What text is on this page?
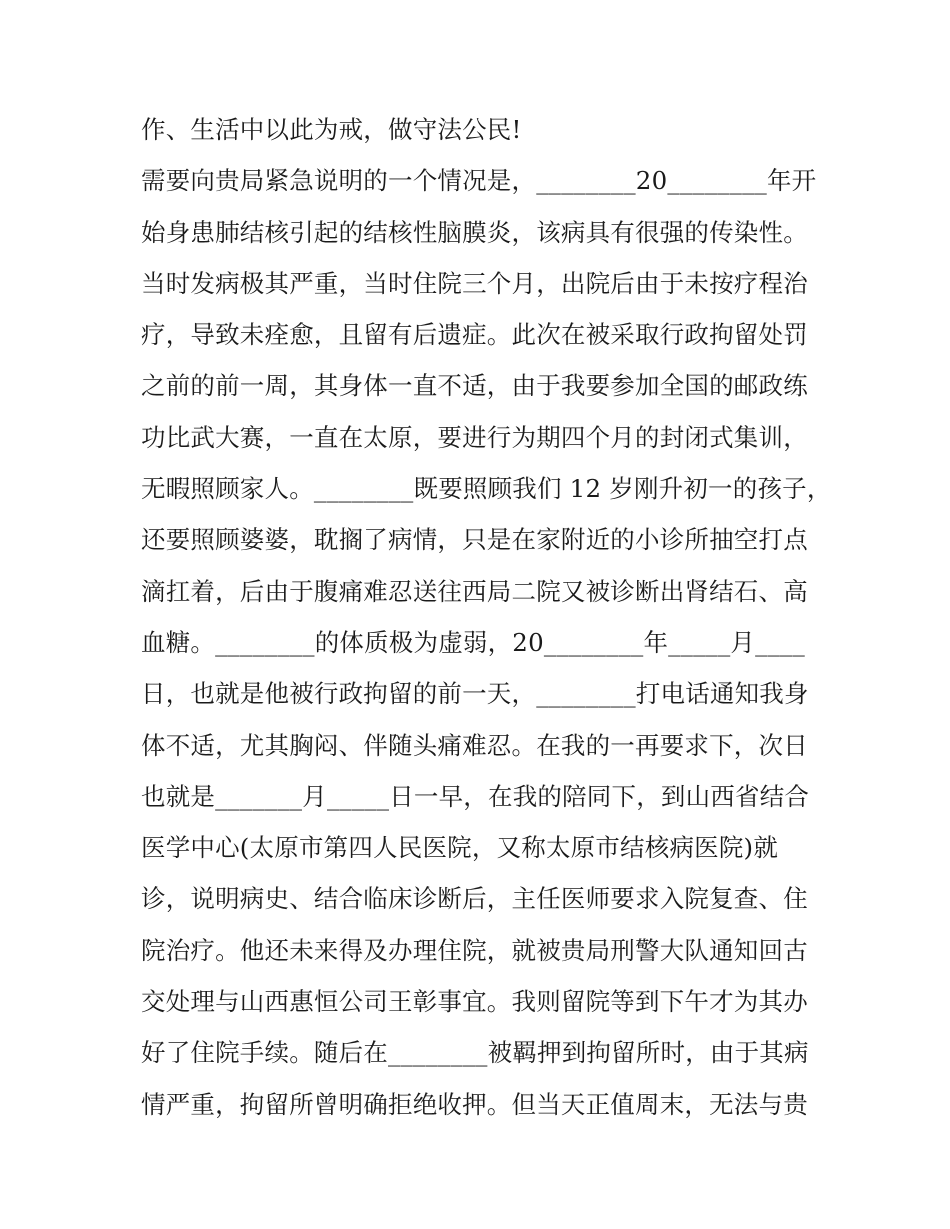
作、生活中以此为戒，做守法公民!
需要向贵局紧急说明的一个情况是，________20________年开
始身患肺结核引起的结核性脑膜炎，该病具有很强的传染性。
当时发病极其严重，当时住院三个月，出院后由于未按疗程治
疗，导致未痊愈，且留有后遗症。此次在被采取行政拘留处罚
之前的前一周，其身体一直不适，由于我要参加全国的邮政练
功比武大赛，一直在太原，要进行为期四个月的封闭式集训，
无暇照顾家人。________既要照顾我们 12 岁刚升初一的孩子，
还要照顾婆婆，耽搁了病情，只是在家附近的小诊所抽空打点
滴扛着，后由于腹痛难忍送往西局二院又被诊断出肾结石、高
血糖。________的体质极为虚弱，20________年_____月____
日，也就是他被行政拘留的前一天，________打电话通知我身
体不适，尤其胸闷、伴随头痛难忍。在我的一再要求下，次日
也就是_______月_____日一早，在我的陪同下，到山西省结合
医学中心(太原市第四人民医院，又称太原市结核病医院)就
诊，说明病史、结合临床诊断后，主任医师要求入院复查、住
院治疗。他还未来得及办理住院，就被贵局刑警大队通知回古
交处理与山西惠恒公司王彰事宜。我则留院等到下午才为其办
好了住院手续。随后在________被羁押到拘留所时，由于其病
情严重，拘留所曾明确拒绝收押。但当天正值周末，无法与贵
